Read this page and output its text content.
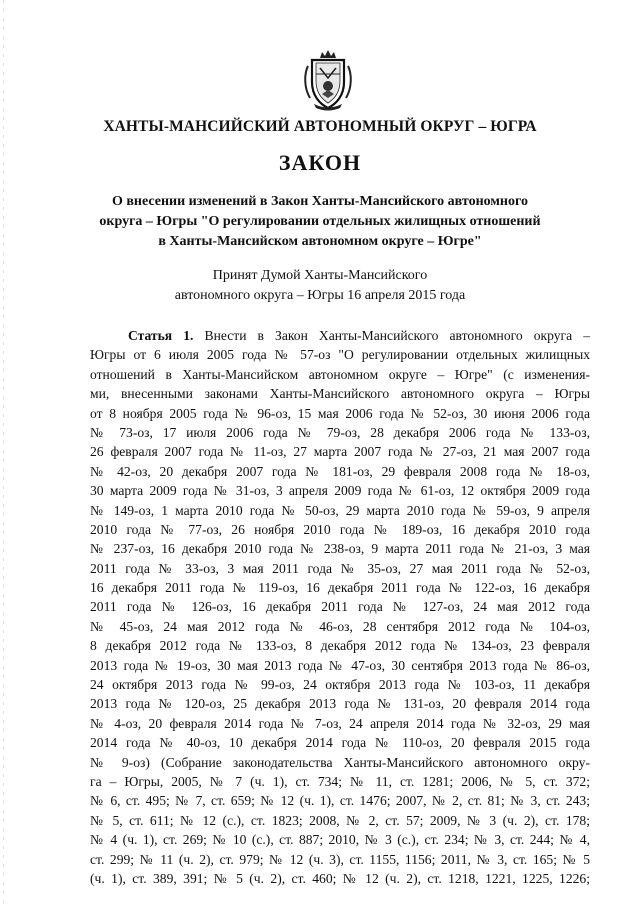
ХАНТЫ-МАНСИЙСКИЙ АВТОНОМНЫЙ ОКРУГ – ЮГРА
ЗАКОН
О внесении изменений в Закон Ханты-Мансийского автономного
округа – Югры "О регулировании отдельных жилищных отношений
в Ханты-Мансийском автономном округе – Югре"
Принят Думой Ханты-Мансийского
автономного округа – Югры 16 апреля 2015 года
Статья 1. Внести в Закон Ханты-Мансийского автономного округа –
Югры от 6 июля 2005 года № 57-оз "О регулировании отдельных жилищных
отношений в Ханты-Мансийском автономном округе – Югре" (с изменения-
ми, внесенными законами Ханты-Мансийского автономного округа – Югры
от 8 ноября 2005 года № 96-оз, 15 мая 2006 года № 52-оз, 30 июня 2006 года
№ 73-оз, 17 июля 2006 года № 79-оз, 28 декабря 2006 года № 133-оз,
26 февраля 2007 года № 11-оз, 27 марта 2007 года № 27-оз, 21 мая 2007 года
№ 42-оз, 20 декабря 2007 года № 181-оз, 29 февраля 2008 года № 18-оз,
30 марта 2009 года № 31-оз, 3 апреля 2009 года № 61-оз, 12 октября 2009 года
№ 149-оз, 1 марта 2010 года № 50-оз, 29 марта 2010 года № 59-оз, 9 апреля
2010 года № 77-оз, 26 ноября 2010 года № 189-оз, 16 декабря 2010 года
№ 237-оз, 16 декабря 2010 года № 238-оз, 9 марта 2011 года № 21-оз, 3 мая
2011 года № 33-оз, 3 мая 2011 года № 35-оз, 27 мая 2011 года № 52-оз,
16 декабря 2011 года № 119-оз, 16 декабря 2011 года № 122-оз, 16 декабря
2011 года № 126-оз, 16 декабря 2011 года № 127-оз, 24 мая 2012 года
№ 45-оз, 24 мая 2012 года № 46-оз, 28 сентября 2012 года № 104-оз,
8 декабря 2012 года № 133-оз, 8 декабря 2012 года № 134-оз, 23 февраля
2013 года № 19-оз, 30 мая 2013 года № 47-оз, 30 сентября 2013 года № 86-оз,
24 октября 2013 года № 99-оз, 24 октября 2013 года № 103-оз, 11 декабря
2013 года № 120-оз, 25 декабря 2013 года № 131-оз, 20 февраля 2014 года
№ 4-оз, 20 февраля 2014 года № 7-оз, 24 апреля 2014 года № 32-оз, 29 мая
2014 года № 40-оз, 10 декабря 2014 года № 110-оз, 20 февраля 2015 года
№ 9-оз) (Собрание законодательства Ханты-Мансийского автономного окру-
га – Югры, 2005, № 7 (ч. 1), ст. 734; № 11, ст. 1281; 2006, № 5, ст. 372;
№ 6, ст. 495; № 7, ст. 659; № 12 (ч. 1), ст. 1476; 2007, № 2, ст. 81; № 3, ст. 243;
№ 5, ст. 611; № 12 (с.), ст. 1823; 2008, № 2, ст. 57; 2009, № 3 (ч. 2), ст. 178;
№ 4 (ч. 1), ст. 269; № 10 (с.), ст. 887; 2010, № 3 (с.), ст. 234; № 3, ст. 244; № 4,
ст. 299; № 11 (ч. 2), ст. 979; № 12 (ч. 3), ст. 1155, 1156; 2011, № 3, ст. 165; № 5
(ч. 1), ст. 389, 391; № 5 (ч. 2), ст. 460; № 12 (ч. 2), ст. 1218, 1221, 1225, 1226;
